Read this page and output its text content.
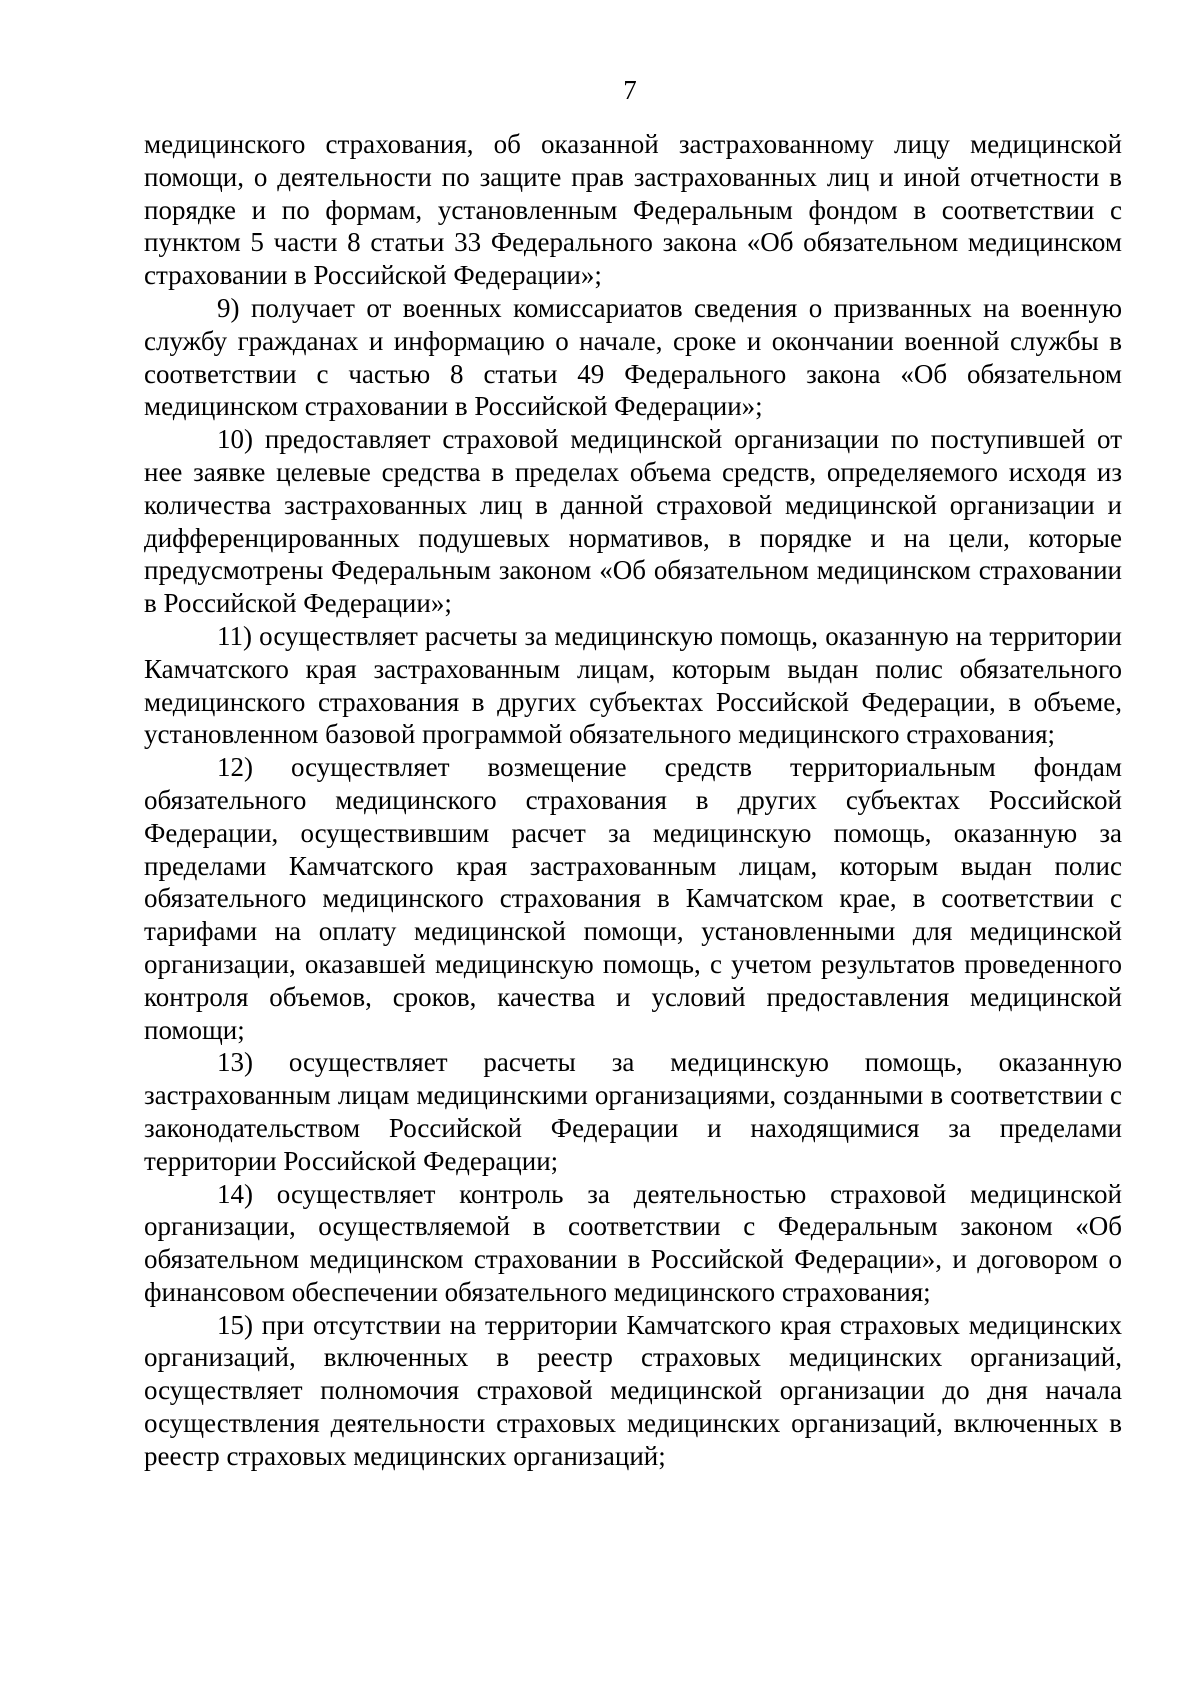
7

медицинского страхования, об оказанной застрахованному лицу медицинской помощи, о деятельности по защите прав застрахованных лиц и иной отчетности в порядке и по формам, установленным Федеральным фондом в соответствии с пунктом 5 части 8 статьи 33 Федерального закона «Об обязательном медицинском страховании в Российской Федерации»;

9) получает от военных комиссариатов сведения о призванных на военную службу гражданах и информацию о начале, сроке и окончании военной службы в соответствии с частью 8 статьи 49 Федерального закона «Об обязательном медицинском страховании в Российской Федерации»;

10) предоставляет страховой медицинской организации по поступившей от нее заявке целевые средства в пределах объема средств, определяемого исходя из количества застрахованных лиц в данной страховой медицинской организации и дифференцированных подушевых нормативов, в порядке и на цели, которые предусмотрены Федеральным законом «Об обязательном медицинском страховании в Российской Федерации»;

11) осуществляет расчеты за медицинскую помощь, оказанную на территории Камчатского края застрахованным лицам, которым выдан полис обязательного медицинского страхования в других субъектах Российской Федерации, в объеме, установленном базовой программой обязательного медицинского страхования;

12) осуществляет возмещение средств территориальным фондам обязательного медицинского страхования в других субъектах Российской Федерации, осуществившим расчет за медицинскую помощь, оказанную за пределами Камчатского края застрахованным лицам, которым выдан полис обязательного медицинского страхования в Камчатском крае, в соответствии с тарифами на оплату медицинской помощи, установленными для медицинской организации, оказавшей медицинскую помощь, с учетом результатов проведенного контроля объемов, сроков, качества и условий предоставления медицинской помощи;

13) осуществляет расчеты за медицинскую помощь, оказанную застрахованным лицам медицинскими организациями, созданными в соответствии с законодательством Российской Федерации и находящимися за пределами территории Российской Федерации;

14) осуществляет контроль за деятельностью страховой медицинской организации, осуществляемой в соответствии с Федеральным законом «Об обязательном медицинском страховании в Российской Федерации», и договором о финансовом обеспечении обязательного медицинского страхования;

15) при отсутствии на территории Камчатского края страховых медицинских организаций, включенных в реестр страховых медицинских организаций, осуществляет полномочия страховой медицинской организации до дня начала осуществления деятельности страховых медицинских организаций, включенных в реестр страховых медицинских организаций;
